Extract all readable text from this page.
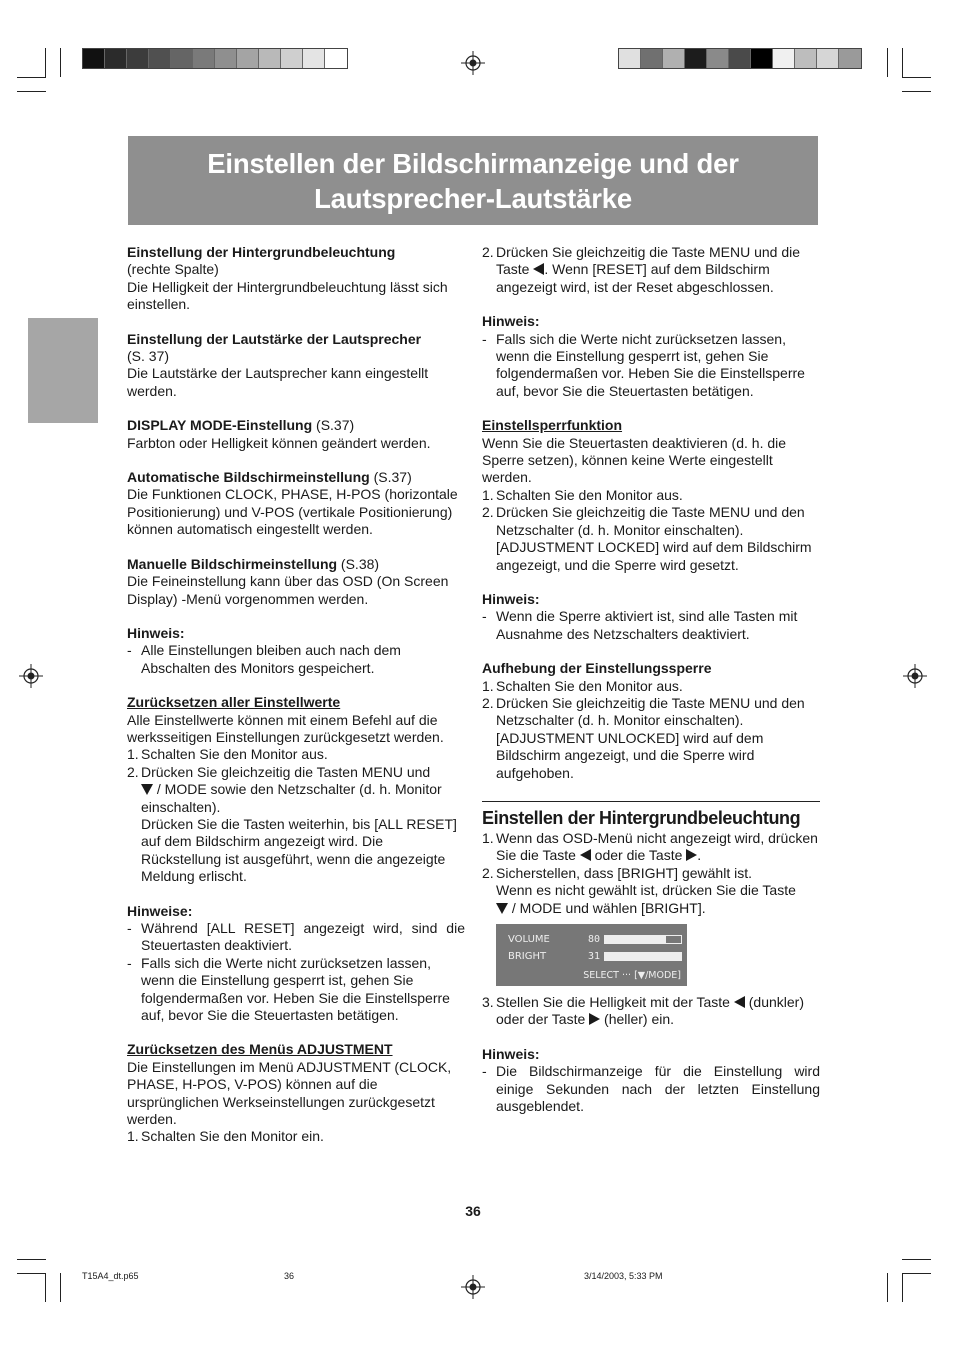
Einstellen der Bildschirmanzeige und der
Lautsprecher-Lautstärke
Einstellung der Hintergrundbeleuchtung
(rechte Spalte)
Die Helligkeit der Hintergrundbeleuchtung lässt sich einstellen.
Einstellung der Lautstärke der Lautsprecher
(S. 37)
Die Lautstärke der Lautsprecher kann eingestellt werden.
DISPLAY MODE-Einstellung (S.37)
Farbton oder Helligkeit können geändert werden.
Automatische Bildschirmeinstellung (S.37)
Die Funktionen CLOCK, PHASE, H-POS (horizontale Positionierung) und V-POS (vertikale Positionierung) können automatisch eingestellt werden.
Manuelle Bildschirmeinstellung (S.38)
Die Feineinstellung kann über das OSD (On Screen Display) -Menü vorgenommen werden.
Hinweis:
- Alle Einstellungen bleiben auch nach dem Abschalten des Monitors gespeichert.
Zurücksetzen aller Einstellwerte
Alle Einstellwerte können mit einem Befehl auf die werksseitigen Einstellungen zurückgesetzt werden.
1. Schalten Sie den Monitor aus.
2. Drücken Sie gleichzeitig die Tasten MENU und
/ MODE sowie den Netzschalter (d. h. Monitor einschalten).
Drücken Sie die Tasten weiterhin, bis [ALL RESET] auf dem Bildschirm angezeigt wird. Die Rückstellung ist ausgeführt, wenn die angezeigte Meldung erlischt.
Hinweise:
- Während [ALL RESET] angezeigt wird, sind die Steuertasten deaktiviert.
- Falls sich die Werte nicht zurücksetzen lassen, wenn die Einstellung gesperrt ist, gehen Sie folgendermaßen vor. Heben Sie die Einstellsperre auf, bevor Sie die Steuertasten betätigen.
Zurücksetzen des Menüs ADJUSTMENT
Die Einstellungen im Menü ADJUSTMENT (CLOCK, PHASE, H-POS, V-POS) können auf die ursprünglichen Werkseinstellungen zurückgesetzt werden.
1. Schalten Sie den Monitor ein.
2. Drücken Sie gleichzeitig die Taste MENU und die Taste . Wenn [RESET] auf dem Bildschirm angezeigt wird, ist der Reset abgeschlossen.
Hinweis:
- Falls sich die Werte nicht zurücksetzen lassen, wenn die Einstellung gesperrt ist, gehen Sie folgendermaßen vor. Heben Sie die Einstellsperre auf, bevor Sie die Steuertasten betätigen.
Einstellsperrfunktion
Wenn Sie die Steuertasten deaktivieren (d. h. die Sperre setzen), können keine Werte eingestellt werden.
1. Schalten Sie den Monitor aus.
2. Drücken Sie gleichzeitig die Taste MENU und den Netzschalter (d. h. Monitor einschalten).
[ADJUSTMENT LOCKED] wird auf dem Bildschirm angezeigt, und die Sperre wird gesetzt.
Hinweis:
- Wenn die Sperre aktiviert ist, sind alle Tasten mit Ausnahme des Netzschalters deaktiviert.
Aufhebung der Einstellungssperre
1. Schalten Sie den Monitor aus.
2. Drücken Sie gleichzeitig die Taste MENU und den Netzschalter (d. h. Monitor einschalten). [ADJUSTMENT UNLOCKED] wird auf dem Bildschirm angezeigt, und die Sperre wird aufgehoben.
Einstellen der Hintergrundbeleuchtung
1. Wenn das OSD-Menü nicht angezeigt wird, drücken Sie die Taste  oder die Taste .
2. Sicherstellen, dass [BRIGHT] gewählt ist.
Wenn es nicht gewählt ist, drücken Sie die Taste
/ MODE und wählen [BRIGHT].
VOLUME	80
BRIGHT	31
SELECT ··· [▼/MODE]
3. Stellen Sie die Helligkeit mit der Taste  (dunkler) oder der Taste  (heller) ein.
Hinweis:
- Die Bildschirmanzeige für die Einstellung wird einige Sekunden nach der letzten Einstellung ausgeblendet.
36
T15A4_dt.p65	36	3/14/2003, 5:33 PM
